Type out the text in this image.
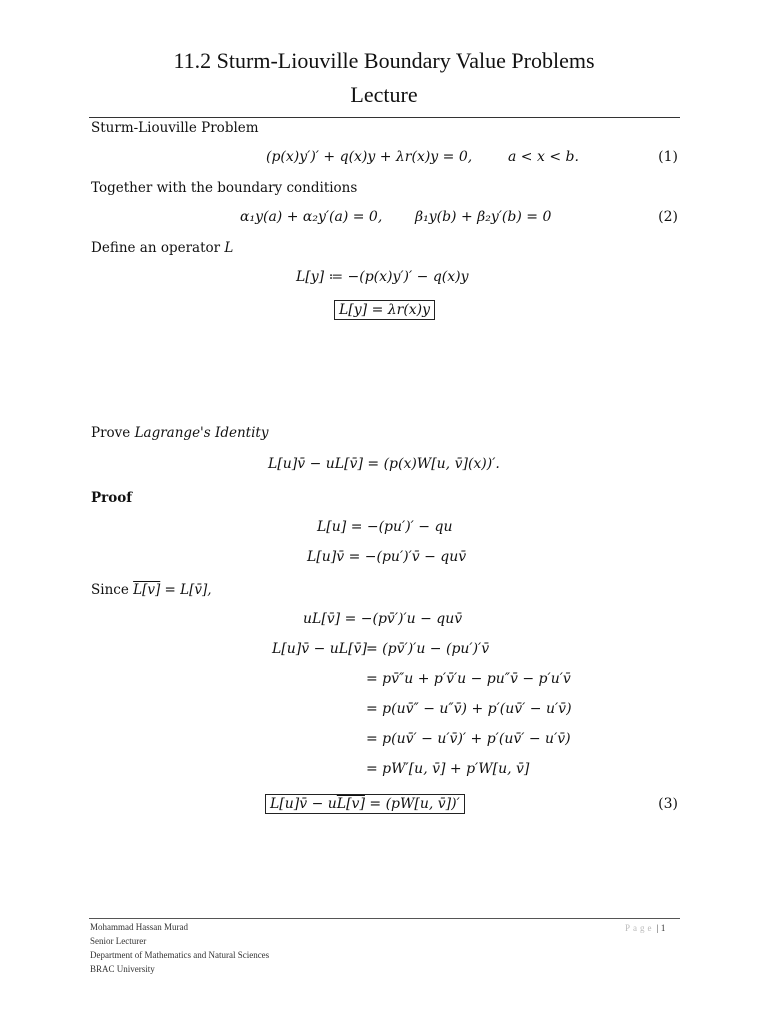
11.2 Sturm-Liouville Boundary Value Problems
Lecture
Sturm-Liouville Problem
(p(x)y′)′ + q(x)y + λr(x)y = 0,	a < x < b.	(1)
Together with the boundary conditions
α₁y(a) + α₂y′(a) = 0, β₁y(b) + β₂y′(b) = 0	(2)
Define an operator L
L[y] ≔ −(p(x)y′)′ − q(x)y
L[y] = λr(x)y
Prove Lagrange's Identity
L[u]v̄ − uL[v̄] = (p(x)W[u, v̄](x))′.
Proof
L[u] = −(pu′)′ − qu
L[u]v̄ = −(pu′)′v̄ − quv̄
Since L[v] = L[v̄],
uL[v̄] = −(pv̄′)′u − quv̄
L[u]v̄ − uL[v̄] = (pv̄′)′u − (pu′)′v̄
= pv̄″u + p′v̄′u − pu″v̄ − p′u′v̄
= p(uv̄″ − u″v̄) + p′(uv̄′ − u′v̄)
= p(uv̄′ − u′v̄)′ + p′(uv̄′ − u′v̄)
= pW′[u, v̄] + p′W[u, v̄]
L[u]v̄ − uL[v] = (pW[u, v̄])′	(3)
Mohammad Hassan Murad
Senior Lecturer
Department of Mathematics and Natural Sciences
BRAC University
Page | 1
